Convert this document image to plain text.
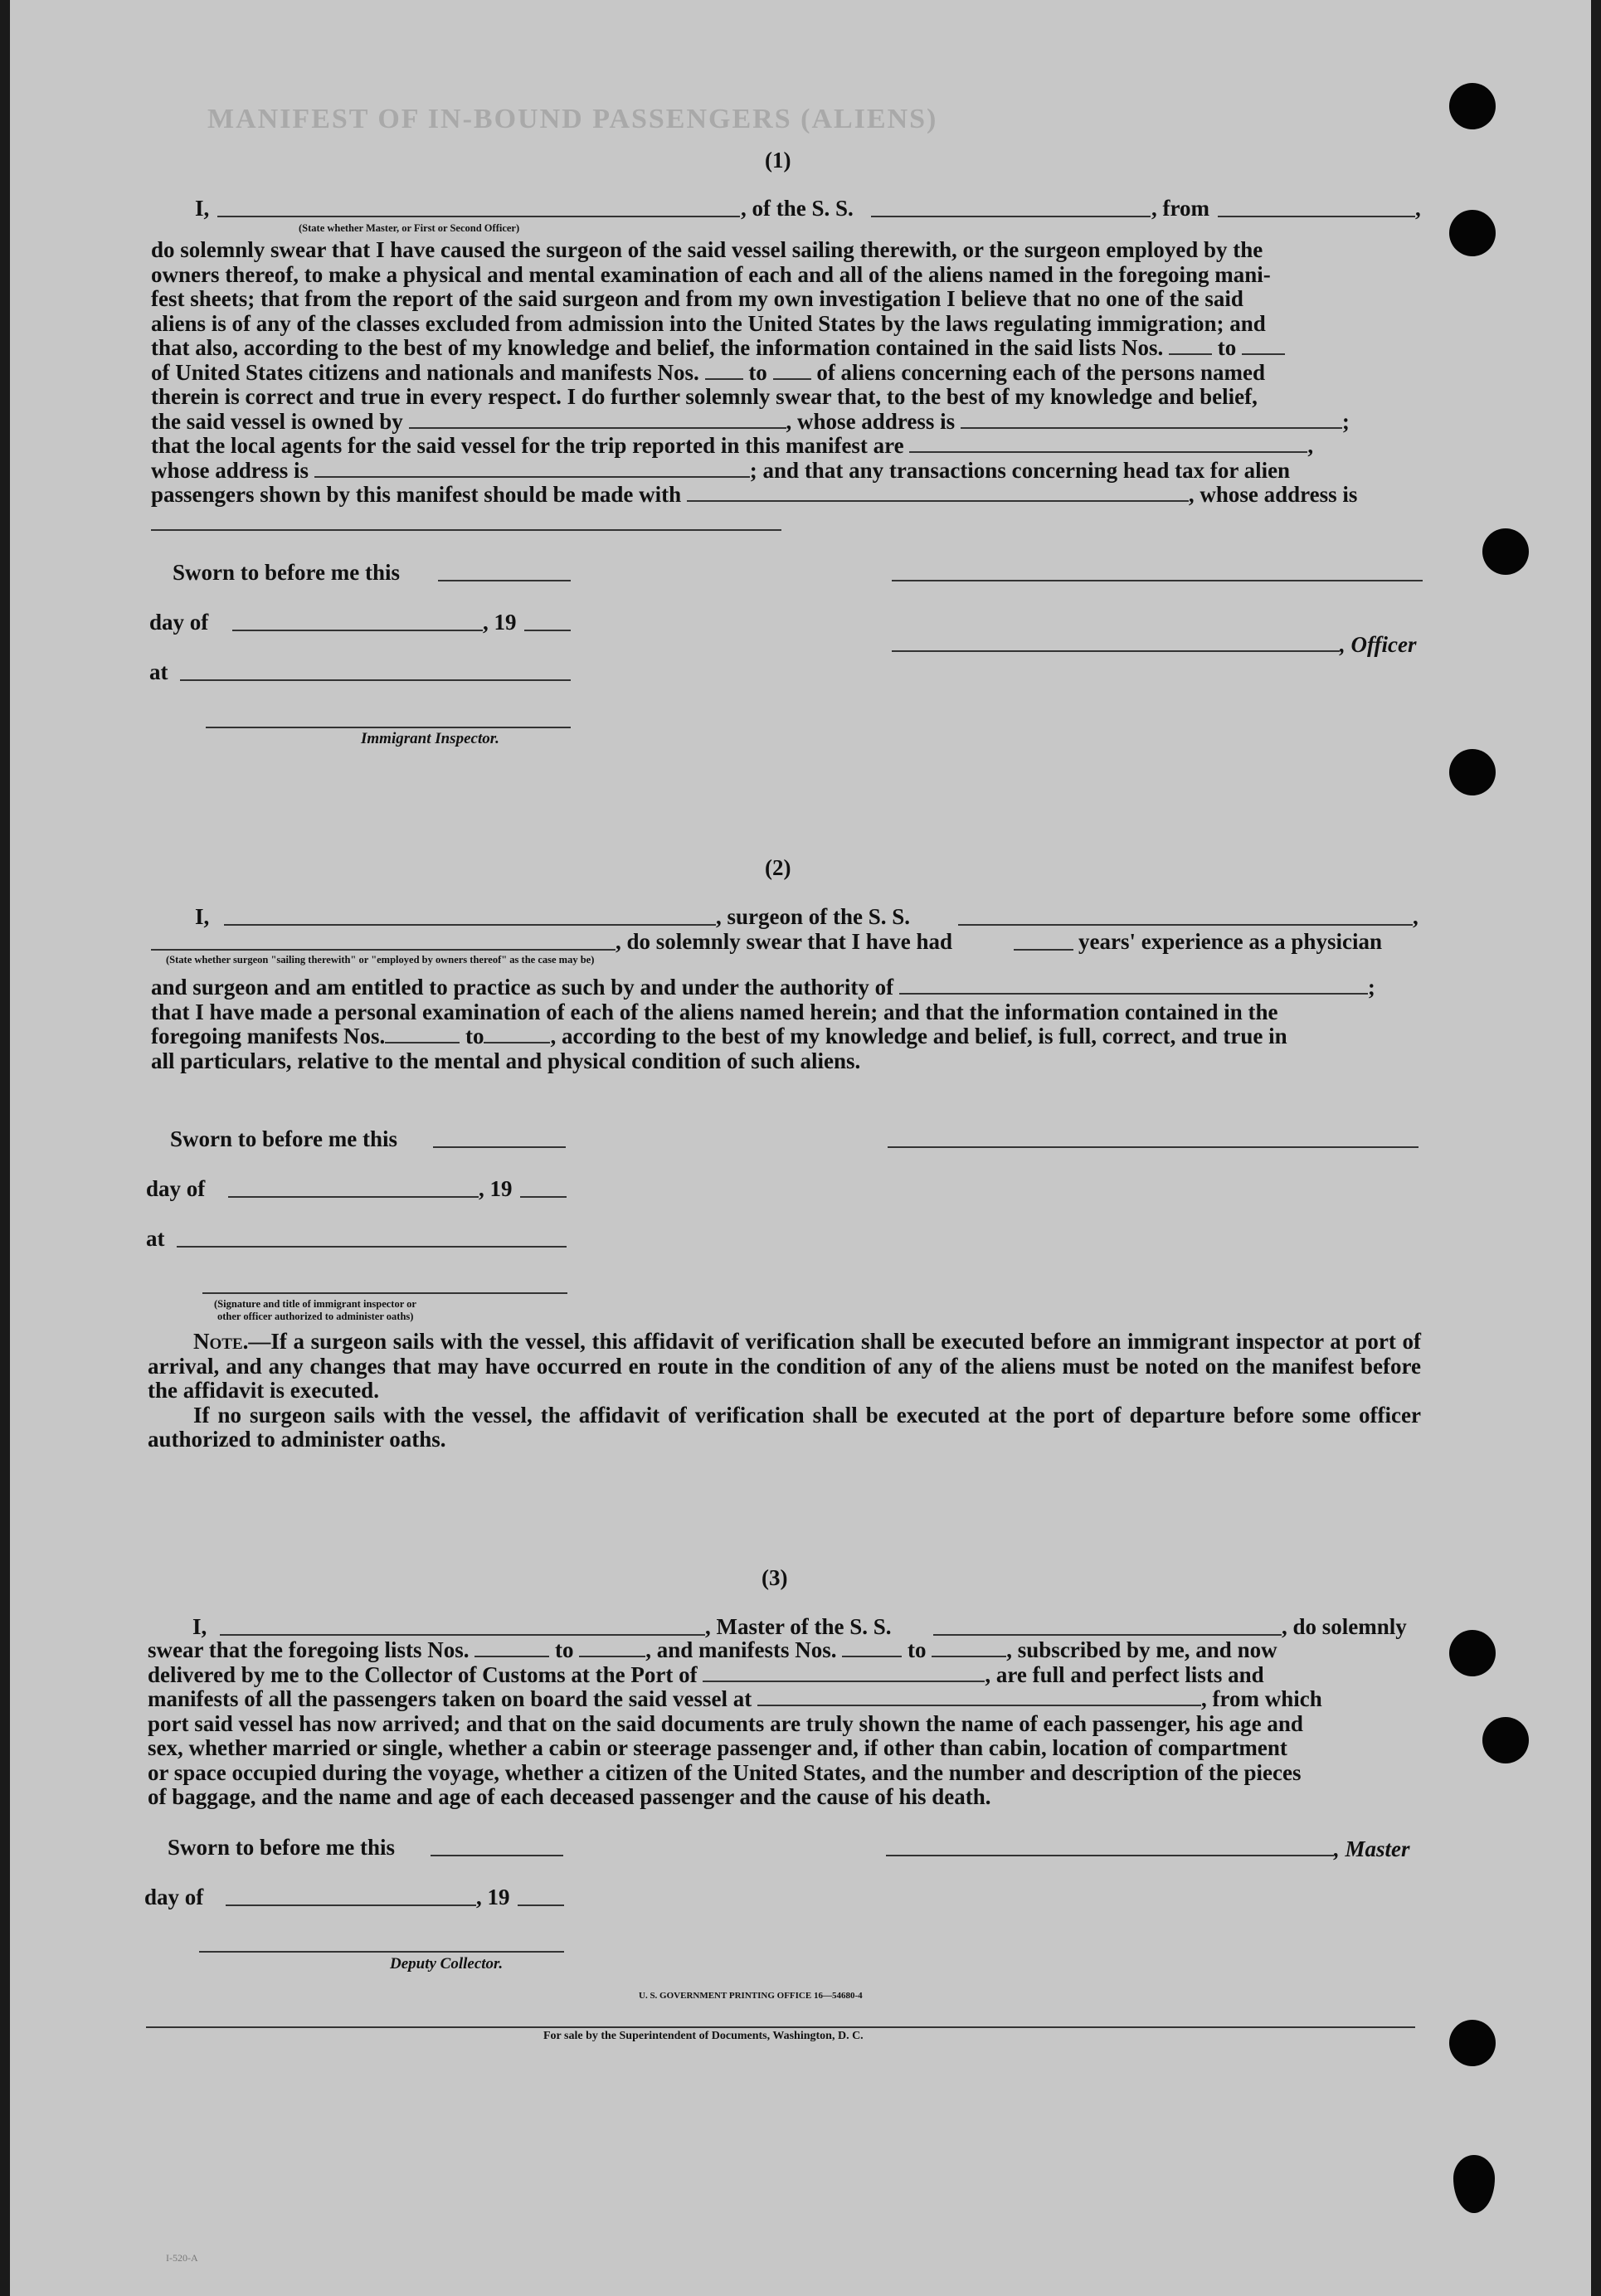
MANIFEST OF IN-BOUND PASSENGERS (ALIENS)
(1)
I,	, of the S. S.	, from	,
(State whether Master, or First or Second Officer)

do solemnly swear that I have caused the surgeon of the said vessel sailing therewith, or the surgeon employed by the

owners thereof, to make a physical and mental examination of each and all of the aliens named in the foregoing mani-

fest sheets; that from the report of the said surgeon and from my own investigation I believe that no one of the said

aliens is of any of the classes excluded from admission into the United States by the laws regulating immigration; and

that also, according to the best of my knowledge and belief, the information contained in the said lists Nos. to

of United States citizens and nationals and manifests Nos. to of aliens concerning each of the persons named

therein is correct and true in every respect. I do further solemnly swear that, to the best of my knowledge and belief,

the said vessel is owned by	, whose address is	;

that the local agents for the said vessel for the trip reported in this manifest are	,

whose address is	; and that any transactions concerning head tax for alien

passengers shown by this manifest should be made with	, whose address is

Sworn to before me this
day of	, 19
, Officer
at
Immigrant Inspector.
(2)
I,	, surgeon of the S. S.	,
, do solemnly swear that I have had	years' experience as a physician
(State whether surgeon "sailing therewith" or "employed by owners thereof" as the case may be)

and surgeon and am entitled to practice as such by and under the authority of	;

that I have made a personal examination of each of the aliens named herein; and that the information contained in the

foregoing manifests Nos.	to	, according to the best of my knowledge and belief, is full, correct, and true in

all particulars, relative to the mental and physical condition of such aliens.

Sworn to before me this
day of	, 19
at
(Signature and title of immigrant inspector or
other officer authorized to administer oaths)

Note.—If a surgeon sails with the vessel, this affidavit of verification shall be executed before an immigrant inspector at port of arrival, and any changes that may have occurred en route in the condition of any of the aliens must be noted on the manifest before the affidavit is executed.

If no surgeon sails with the vessel, the affidavit of verification shall be executed at the port of departure before some officer authorized to administer oaths.

(3)
I,	, Master of the S. S.	, do solemnly

swear that the foregoing lists Nos.	to	, and manifests Nos.	to	, subscribed by me, and now

delivered by me to the Collector of Customs at the Port of	, are full and perfect lists and

manifests of all the passengers taken on board the said vessel at	, from which

port said vessel has now arrived; and that on the said documents are truly shown the name of each passenger, his age and

sex, whether married or single, whether a cabin or steerage passenger and, if other than cabin, location of compartment

or space occupied during the voyage, whether a citizen of the United States, and the number and description of the pieces

of baggage, and the name and age of each deceased passenger and the cause of his death.

Sworn to before me this	, Master
day of	, 19
Deputy Collector.
U. S. GOVERNMENT PRINTING OFFICE 16—54680-4
For sale by the Superintendent of Documents, Washington, D. C.
I-520-A
